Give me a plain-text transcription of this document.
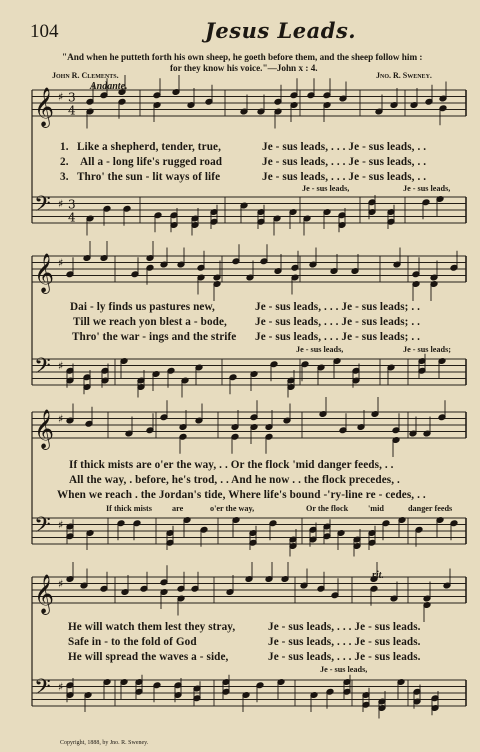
𝄞 ♯ 3
4
𝄢 ♯ 3
4
𝄞 ♯
𝄢 ♯
𝄞 ♯
𝄢 ♯
𝄞 ♯
𝄢 ♯
104	Jesus Leads.
"And when he putteth forth his own sheep, he goeth before them, and the sheep follow him :
for they know his voice."—John x : 4.
John R. Clements.	Jno. R. Sweney.
Andante.
1. Like a shepherd, tender, true,	Je - sus leads, . . . Je - sus leads, . .
2. All a - long life's rugged road	Je - sus leads, . . . Je - sus leads, . .
3. Thro' the sun - lit ways of life	Je - sus leads, . . . Je - sus leads, . .
Je - sus leads,	Je - sus leads,
Dai - ly finds us pastures new,	Je - sus leads, . . . Je - sus leads; . .
Till we reach yon blest a - bode,	Je - sus leads, . . . Je - sus leads; . .
Thro' the war - ings and the strife Je - sus leads, . . . Je - sus leads; . .
Je - sus leads,	Je - sus leads;
If thick mists are o'er the way, . . Or the flock 'mid danger feeds, . .
All the way, . before, he's trod, . . And he now . . the flock precedes, .
When we reach . the Jordan's tide, Where life's bound -'ry-line re - cedes, . .
If thick mists are	o'er the way,	Or the flock 'mid	danger feeds
rit.
He will watch them lest they stray,	Je - sus leads, . . . Je - sus leads.
Safe in - to the fold of God	Je - sus leads, . . . Je - sus leads.
He will spread the waves a - side,	Je - sus leads, . . . Je - sus leads.
Je - sus leads,
Copyright, 1888, by Jno. R. Sweney.
